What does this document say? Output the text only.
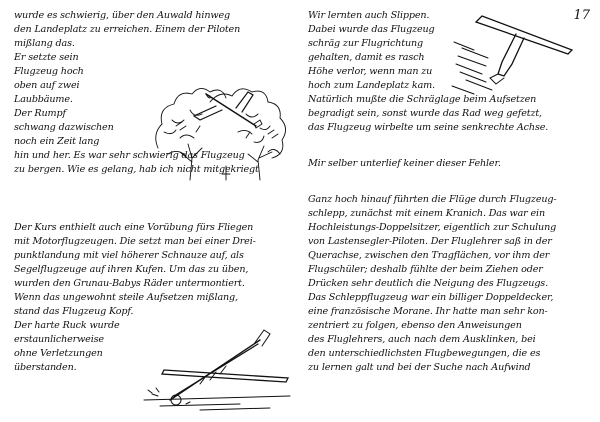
17
wurde es schwierig, über den Auwald hinweg
den Landeplatz zu erreichen. Einem der Piloten
mißlang das.
Er setzte sein
Flugzeug hoch
oben auf zwei
Laubbäume.
Der Rumpf
schwang dazwischen
noch ein Zeit lang
hin und her. Es war sehr schwierig das Flugzeug
zu bergen. Wie es gelang, hab ich nicht mitgekriegt
Der Kurs enthielt auch eine Vorübung fürs Fliegen
mit Motorflugzeugen. Die setzt man bei einer Drei-
punktlandung mit viel höherer Schnauze auf, als
Segelflugzeuge auf ihren Kufen. Um das zu üben,
wurden den Grunau-Babys Räder untermontiert.
Wenn das ungewohnt steile Aufsetzen mißlang,
stand das Flugzeug Kopf.
Der harte Ruck wurde
erstaunlicherweise
ohne Verletzungen
überstanden.
Wir lernten auch Slippen.
Dabei wurde das Flugzeug
schräg zur Flugrichtung
gehalten, damit es rasch
Höhe verlor, wenn man zu
hoch zum Landeplatz kam.
Natürlich mußte die Schräglage beim Aufsetzen
begradigt sein, sonst wurde das Rad weg gefetzt,
das Flugzeug wirbelte um seine senkrechte Achse.
Mir selber unterlief keiner dieser Fehler.
Ganz hoch hinauf führten die Flüge durch Flugzeug-
schlepp, zunächst mit einem Kranich. Das war ein
Hochleistungs-Doppelsitzer, eigentlich zur Schulung
von Lastensegler-Piloten. Der Fluglehrer saß in der
Querachse, zwischen den Tragflächen, vor ihm der
Flugschüler; deshalb fühlte der beim Ziehen oder
Drücken sehr deutlich die Neigung des Flugzeugs.
Das Schleppflugzeug war ein billiger Doppeldecker,
eine französische Morane. Ihr hatte man sehr kon-
zentriert zu folgen, ebenso den Anweisungen
des Fluglehrers, auch nach dem Ausklinken, bei
den unterschiedlichsten Flugbewegungen, die es
zu lernen galt und bei der Suche nach Aufwind
